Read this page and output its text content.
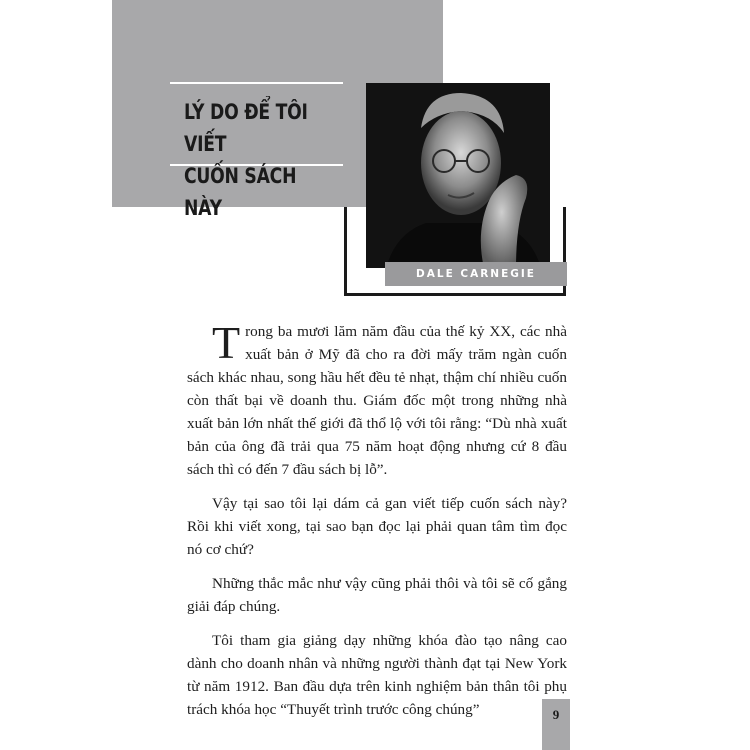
LÝ DO ĐỂ TÔI VIẾT
CUỐN SÁCH NÀY
DALE CARNEGIE

Trong ba mươi lăm năm đầu của thế kỷ XX, các nhà xuất bản ở Mỹ đã cho ra đời mấy trăm ngàn cuốn sách khác nhau, song hầu hết đều tẻ nhạt, thậm chí nhiều cuốn còn thất bại về doanh thu. Giám đốc một trong những nhà xuất bản lớn nhất thế giới đã thổ lộ với tôi rằng: “Dù nhà xuất bản của ông đã trải qua 75 năm hoạt động nhưng cứ 8 đầu sách thì có đến 7 đầu sách bị lỗ”.

Vậy tại sao tôi lại dám cả gan viết tiếp cuốn sách này? Rồi khi viết xong, tại sao bạn đọc lại phải quan tâm tìm đọc nó cơ chứ?

Những thắc mắc như vậy cũng phải thôi và tôi sẽ cố gắng giải đáp chúng.

Tôi tham gia giảng dạy những khóa đào tạo nâng cao dành cho doanh nhân và những người thành đạt tại New York từ năm 1912. Ban đầu dựa trên kinh nghiệm bản thân tôi phụ trách khóa học “Thuyết trình trước công chúng”	9
